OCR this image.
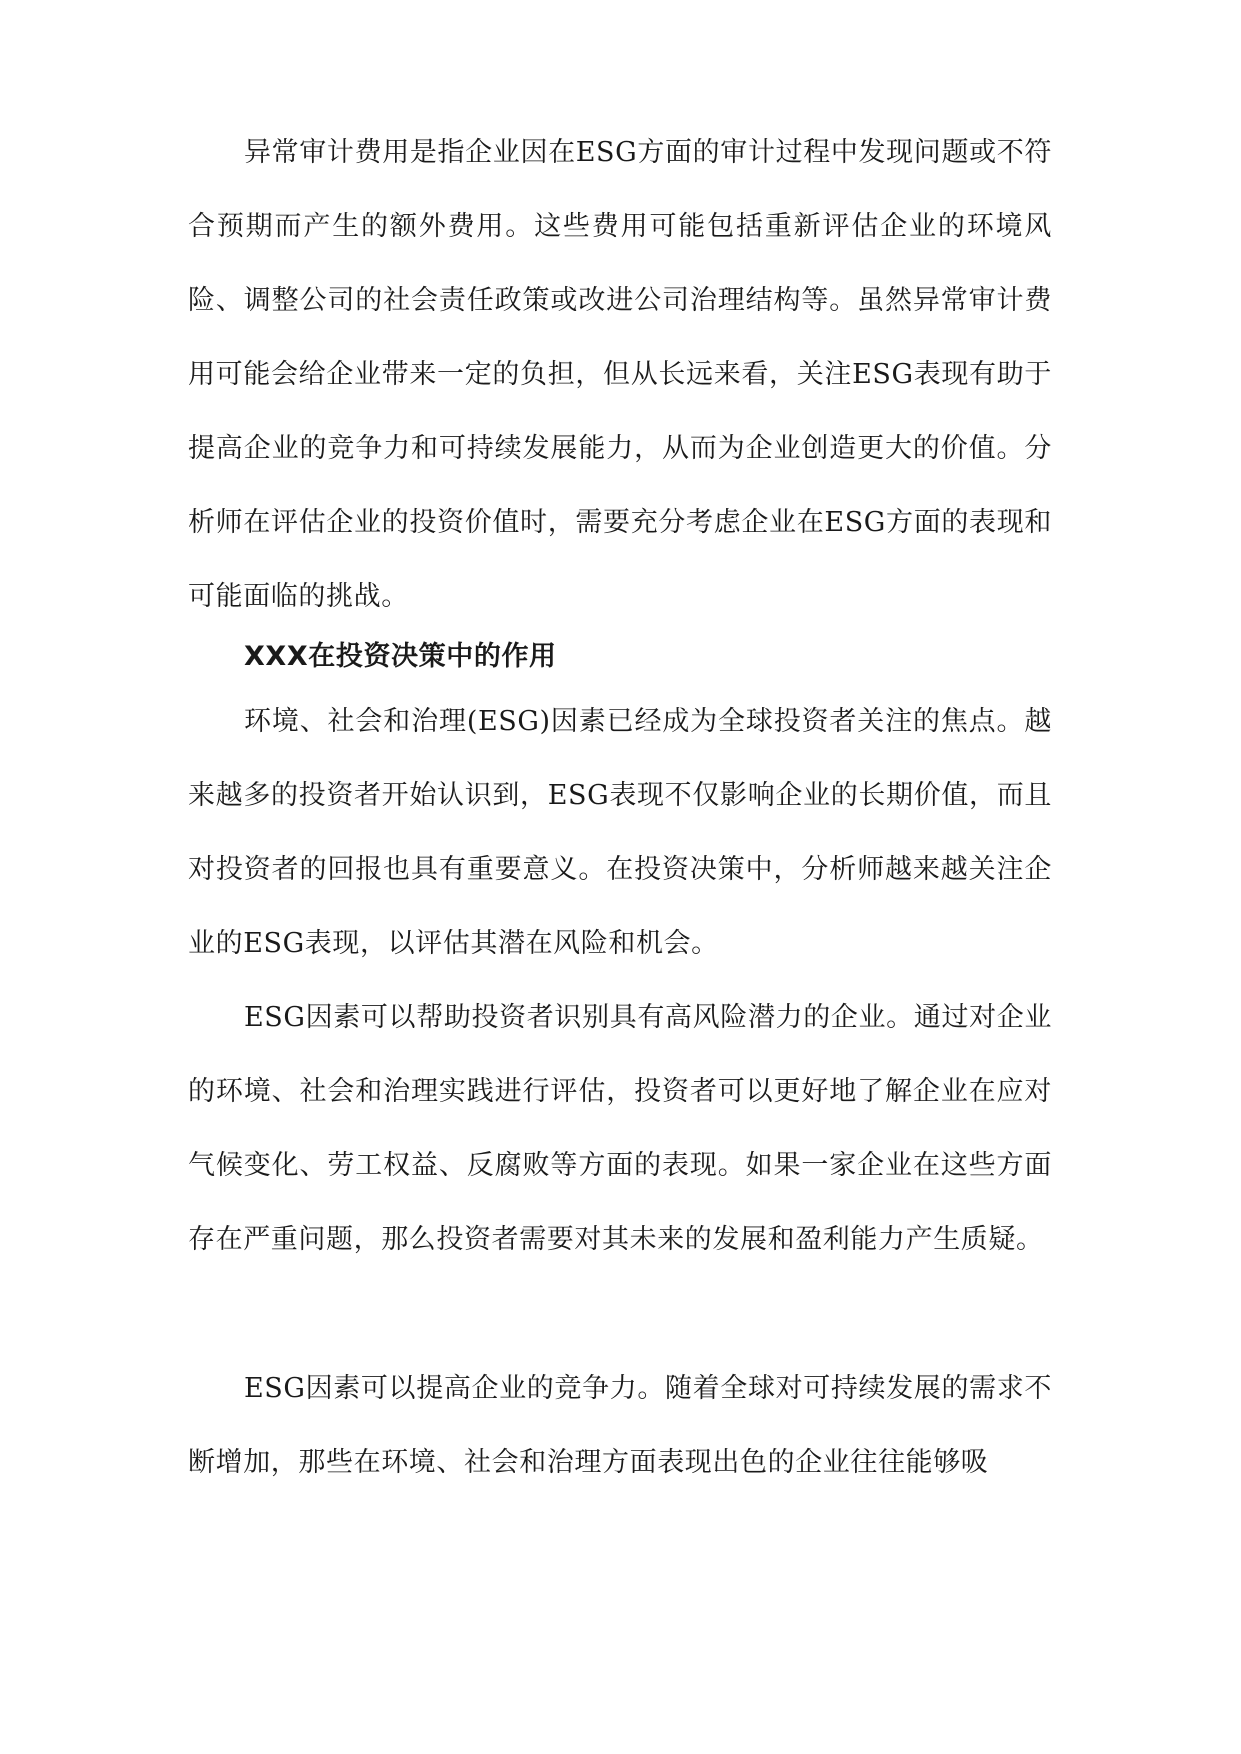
异常审计费用是指企业因在ESG方面的审计过程中发现问题或不符合预期而产生的额外费用。这些费用可能包括重新评估企业的环境风险、调整公司的社会责任政策或改进公司治理结构等。虽然异常审计费用可能会给企业带来一定的负担，但从长远来看，关注ESG表现有助于提高企业的竞争力和可持续发展能力，从而为企业创造更大的价值。分析师在评估企业的投资价值时，需要充分考虑企业在ESG方面的表现和可能面临的挑战。

XXX在投资决策中的作用

环境、社会和治理(ESG)因素已经成为全球投资者关注的焦点。越来越多的投资者开始认识到，ESG表现不仅影响企业的长期价值，而且对投资者的回报也具有重要意义。在投资决策中，分析师越来越关注企业的ESG表现，以评估其潜在风险和机会。

ESG因素可以帮助投资者识别具有高风险潜力的企业。通过对企业的环境、社会和治理实践进行评估，投资者可以更好地了解企业在应对气候变化、劳工权益、反腐败等方面的表现。如果一家企业在这些方面存在严重问题，那么投资者需要对其未来的发展和盈利能力产生质疑。

ESG因素可以提高企业的竞争力。随着全球对可持续发展的需求不断增加，那些在环境、社会和治理方面表现出色的企业往往能够吸
